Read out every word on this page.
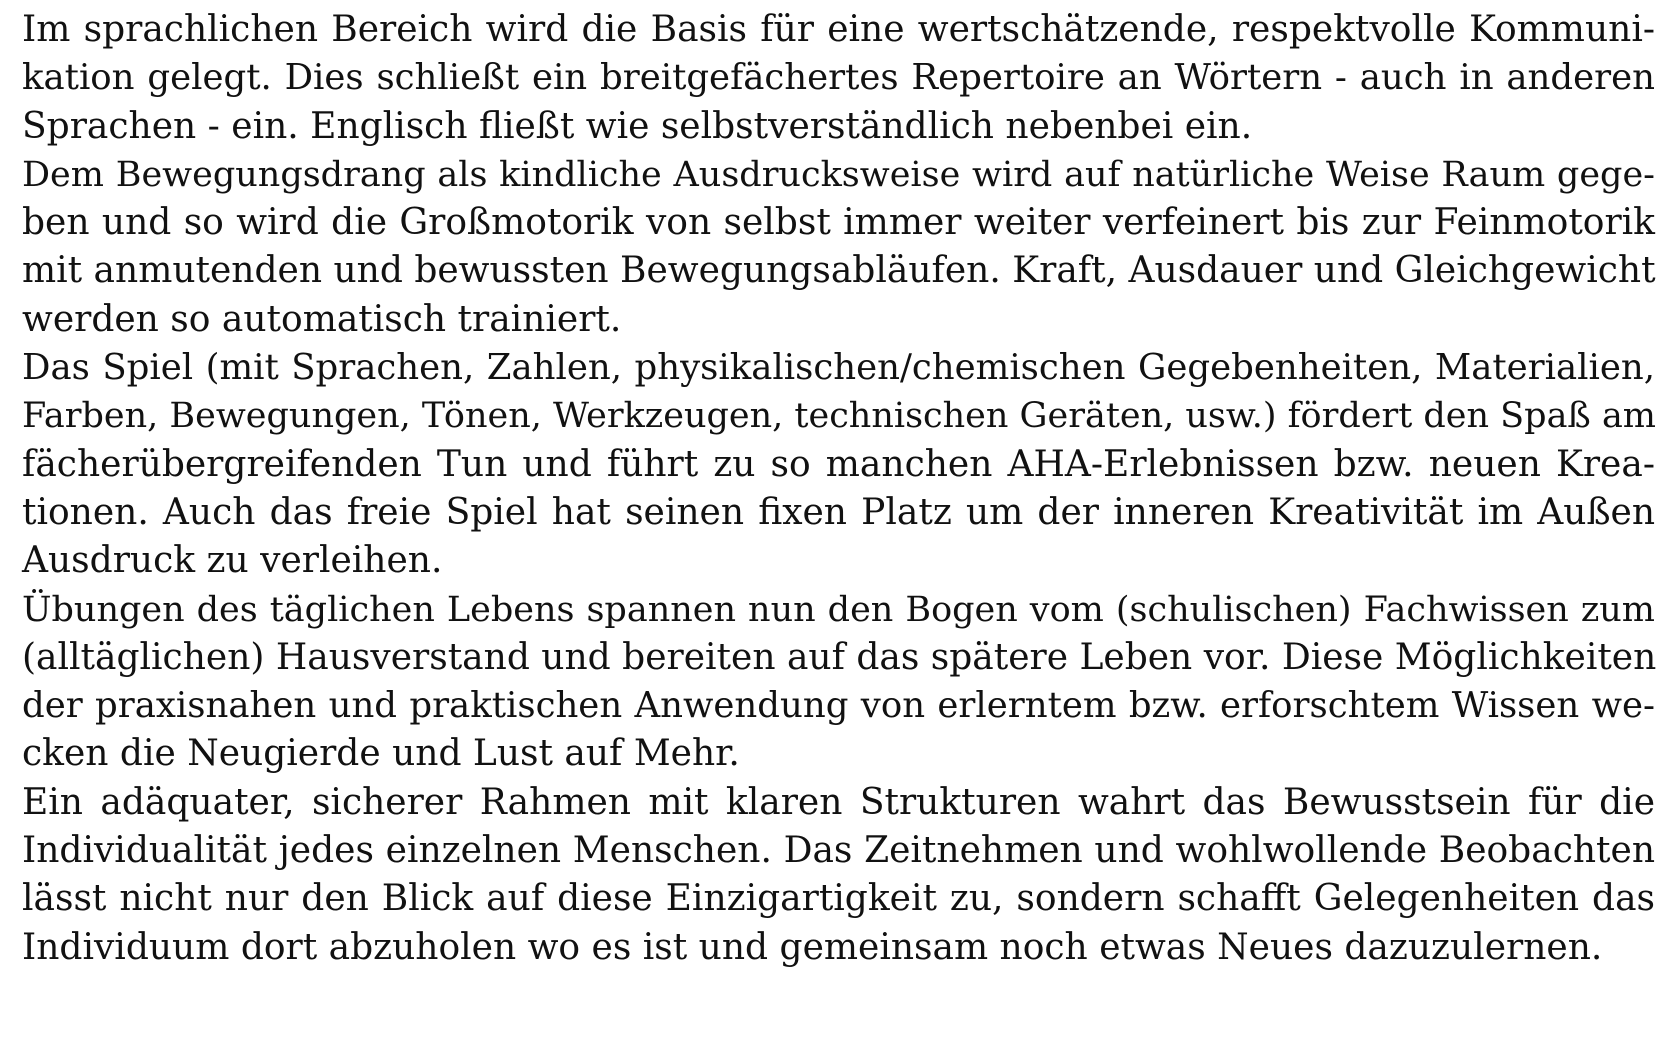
Im sprachlichen Bereich wird die Basis für eine wertschätzende, respektvolle Kommuni-
kation gelegt. Dies schließt ein breitgefächertes Repertoire an Wörtern - auch in anderen
Sprachen - ein. Englisch fließt wie selbstverständlich nebenbei ein.
Dem Bewegungsdrang als kindliche Ausdrucksweise wird auf natürliche Weise Raum gege-
ben und so wird die Großmotorik von selbst immer weiter verfeinert bis zur Feinmotorik
mit anmutenden und bewussten Bewegungsabläufen. Kraft, Ausdauer und Gleichgewicht
werden so automatisch trainiert.
Das Spiel (mit Sprachen, Zahlen, physikalischen/chemischen Gegebenheiten, Materialien,
Farben, Bewegungen, Tönen, Werkzeugen, technischen Geräten, usw.) fördert den Spaß am
fächerübergreifenden Tun und führt zu so manchen AHA-Erlebnissen bzw. neuen Krea-
tionen. Auch das freie Spiel hat seinen fixen Platz um der inneren Kreativität im Außen
Ausdruck zu verleihen.
Übungen des täglichen Lebens spannen nun den Bogen vom (schulischen) Fachwissen zum
(alltäglichen) Hausverstand und bereiten auf das spätere Leben vor. Diese Möglichkeiten
der praxisnahen und praktischen Anwendung von erlerntem bzw. erforschtem Wissen we-
cken die Neugierde und Lust auf Mehr.
Ein adäquater, sicherer Rahmen mit klaren Strukturen wahrt das Bewusstsein für die
Individualität jedes einzelnen Menschen. Das Zeitnehmen und wohlwollende Beobachten
lässt nicht nur den Blick auf diese Einzigartigkeit zu, sondern schafft Gelegenheiten das
Individuum dort abzuholen wo es ist und gemeinsam noch etwas Neues dazuzulernen.
